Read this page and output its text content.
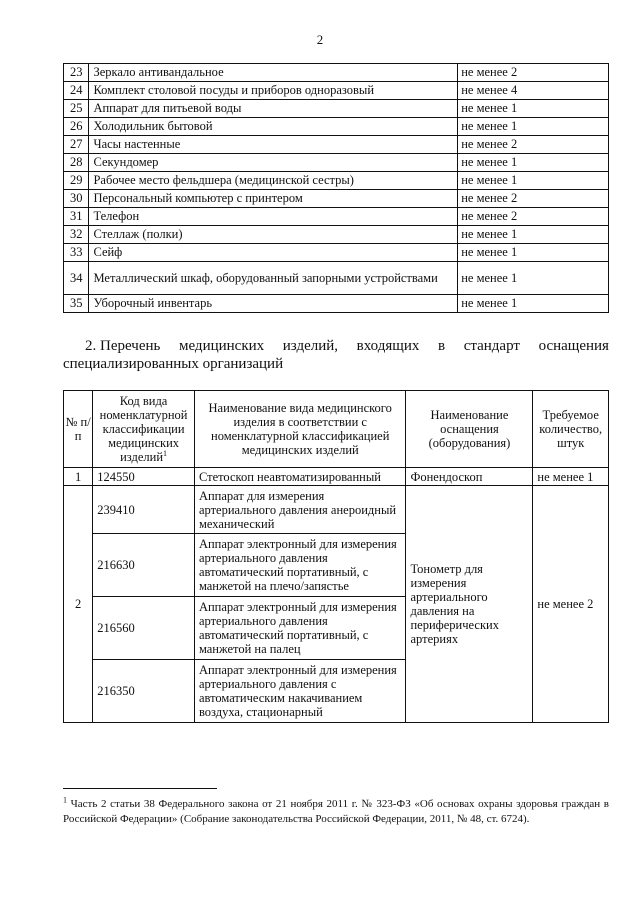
2
23	Зеркало антивандальное	не менее 2
24	Комплект столовой посуды и приборов одноразовый	не менее 4
25	Аппарат для питьевой воды	не менее 1
26	Холодильник бытовой	не менее 1
27	Часы настенные	не менее 2
28	Секундомер	не менее 1
29	Рабочее место фельдшера (медицинской сестры)	не менее 1
30	Персональный компьютер с принтером	не менее 2
31	Телефон	не менее 2
32	Стеллаж (полки)	не менее 1
33	Сейф	не менее 1
34	Металлический шкаф, оборудованный запорными устройствами	не менее 1
35	Уборочный инвентарь	не менее 1
2. Перечень медицинских изделий, входящих в стандарт оснащения
специализированных организаций
№ п/п	Код вида номенклатурной классификации медицинских изделий$^1$	Наименование вида медицинского изделия в соответствии с номенклатурной классификацией медицинских изделий	Наименование оснащения (оборудования)	Требуемое количество, штук
1	124550	Стетоскоп неавтоматизированный	Фонендоскоп	не менее 1
2	239410	Аппарат для измерения артериального давления анероидный механический	Тонометр для измерения артериального давления на периферических артериях	не менее 2
	216630	Аппарат электронный для измерения артериального давления автоматический портативный, с манжетой на плечо/запястье		
	216560	Аппарат электронный для измерения артериального давления автоматический портативный, с манжетой на палец		
	216350	Аппарат электронный для измерения артериального давления с автоматическим накачиванием воздуха, стационарный		
$^1$ Часть 2 статьи 38 Федерального закона от 21 ноября 2011 г. № 323-ФЗ «Об основах охраны здоровья граждан в Российской Федерации» (Собрание законодательства Российской Федерации, 2011, № 48, ст. 6724).
